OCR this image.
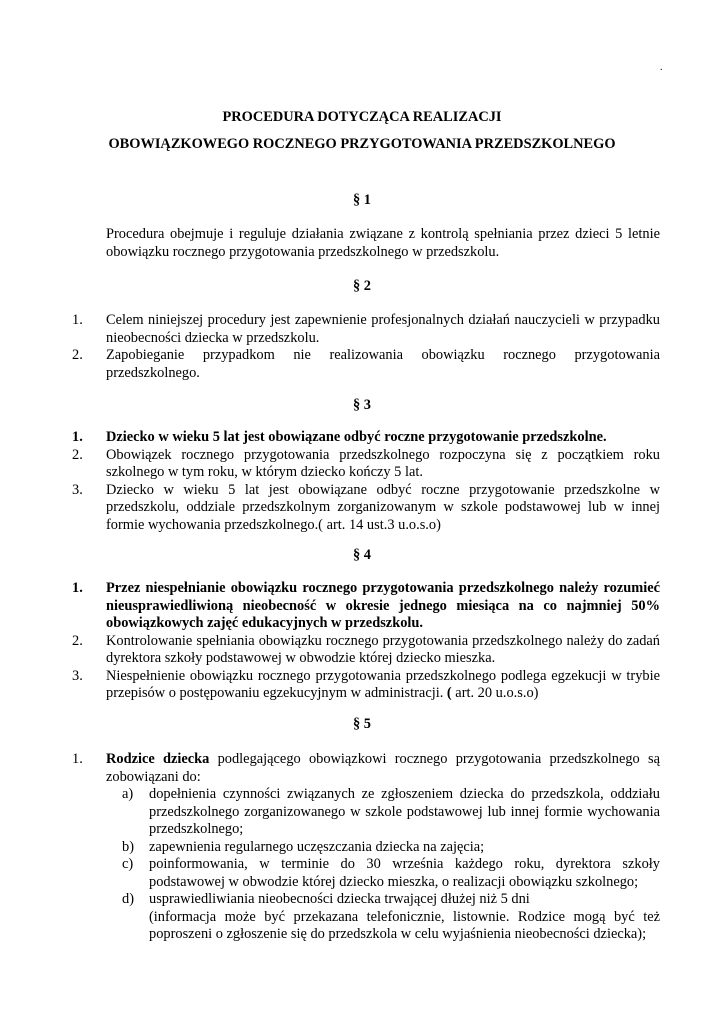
.
PROCEDURA DOTYCZĄCA REALIZACJI
OBOWIĄZKOWEGO ROCZNEGO PRZYGOTOWANIA PRZEDSZKOLNEGO
§ 1
Procedura obejmuje i reguluje działania związane z kontrolą spełniania przez dzieci 5 letnie obowiązku rocznego przygotowania przedszkolnego w przedszkolu.
§ 2
1.	Celem niniejszej procedury jest zapewnienie profesjonalnych działań nauczycieli w przypadku nieobecności dziecka w przedszkolu.
2.	Zapobieganie przypadkom nie realizowania obowiązku rocznego przygotowania przedszkolnego.
§ 3
1.	Dziecko w wieku 5 lat jest obowiązane odbyć roczne przygotowanie przedszkolne.
2.	Obowiązek rocznego przygotowania przedszkolnego rozpoczyna się z początkiem roku szkolnego w tym roku, w którym dziecko kończy 5 lat.
3.	Dziecko w wieku 5 lat jest obowiązane odbyć roczne przygotowanie przedszkolne w przedszkolu, oddziale przedszkolnym zorganizowanym w szkole podstawowej lub w innej formie wychowania przedszkolnego.( art. 14 ust.3 u.o.s.o)
§ 4
1.	Przez niespełnianie obowiązku rocznego przygotowania przedszkolnego należy rozumieć nieusprawiedliwioną nieobecność w okresie jednego miesiąca na co najmniej 50% obowiązkowych zajęć edukacyjnych w przedszkolu.
2.	Kontrolowanie spełniania obowiązku rocznego przygotowania przedszkolnego należy do zadań dyrektora szkoły podstawowej w obwodzie której dziecko mieszka.
3.	Niespełnienie obowiązku rocznego przygotowania przedszkolnego podlega egzekucji w trybie przepisów o postępowaniu egzekucyjnym w administracji. ( art. 20 u.o.s.o)
§ 5
1.	Rodzice dziecka podlegającego obowiązkowi rocznego przygotowania przedszkolnego są zobowiązani do:
a)	dopełnienia czynności związanych ze zgłoszeniem dziecka do przedszkola, oddziału przedszkolnego zorganizowanego w szkole podstawowej lub innej formie wychowania przedszkolnego;
b)	zapewnienia regularnego uczęszczania dziecka na zajęcia;
c)	poinformowania, w terminie do 30 września każdego roku, dyrektora szkoły podstawowej w obwodzie której dziecko mieszka, o realizacji obowiązku szkolnego;
d)	usprawiedliwiania nieobecności dziecka trwającej dłużej niż 5 dni
(informacja może być przekazana telefonicznie, listownie. Rodzice mogą być też poproszeni o zgłoszenie się do przedszkola w celu wyjaśnienia nieobecności dziecka);
